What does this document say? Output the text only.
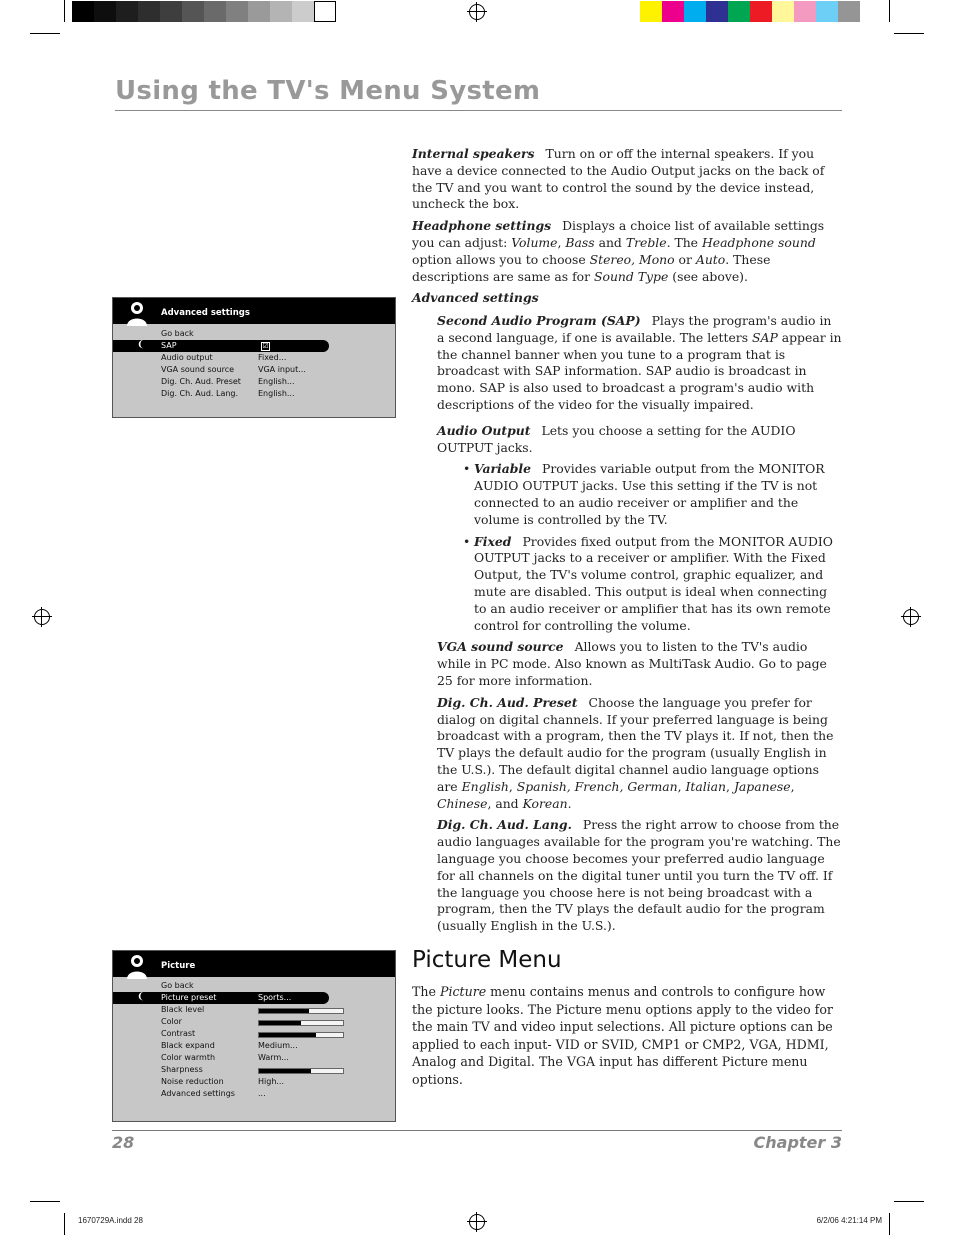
Using the TV's Menu System

Internal speakers Turn on or off the internal speakers. If you have a device connected to the Audio Output jacks on the back of the TV and you want to control the sound by the device instead, uncheck the box.

Headphone settings Displays a choice list of available settings you can adjust: Volume, Bass and Treble. The Headphone sound option allows you to choose Stereo, Mono or Auto. These descriptions are same as for Sound Type (see above).

Advanced settings

Second Audio Program (SAP) Plays the program's audio in a second language, if one is available. The letters SAP appear in the channel banner when you tune to a program that is broadcast with SAP information. SAP audio is broadcast in mono. SAP is also used to broadcast a program's audio with descriptions of the video for the visually impaired.

Audio Output Lets you choose a setting for the AUDIO OUTPUT jacks.

• Variable Provides variable output from the MONITOR AUDIO OUTPUT jacks. Use this setting if the TV is not connected to an audio receiver or amplifier and the volume is controlled by the TV.

• Fixed Provides fixed output from the MONITOR AUDIO OUTPUT jacks to a receiver or amplifier. With the Fixed Output, the TV's volume control, graphic equalizer, and mute are disabled. This output is ideal when connecting to an audio receiver or amplifier that has its own remote control for controlling the volume.

VGA sound source Allows you to listen to the TV's audio while in PC mode. Also known as MultiTask Audio. Go to page 25 for more information.

Dig. Ch. Aud. Preset Choose the language you prefer for dialog on digital channels. If your preferred language is being broadcast with a program, then the TV plays it. If not, then the TV plays the default audio for the program (usually English in the U.S.). The default digital channel audio language options are English, Spanish, French, German, Italian, Japanese, Chinese, and Korean.

Dig. Ch. Aud. Lang. Press the right arrow to choose from the audio languages available for the program you're watching. The language you choose becomes your preferred audio language for all channels on the digital tuner until you turn the TV off. If the language you choose here is not being broadcast with a program, then the TV plays the default audio for the program (usually English in the U.S.).

Advanced settings
Go back
❨ SAP	☑
Audio output	Fixed...
VGA sound source	VGA input...
Dig. Ch. Aud. Preset English...
Dig. Ch. Aud. Lang. English...
Picture Menu
The Picture menu contains menus and controls to configure how the picture looks. The Picture menu options apply to the video for the main TV and video input selections. All picture options can be applied to each input- VID or SVID, CMP1 or CMP2, VGA, HDMI, Analog and Digital. The VGA input has different Picture menu options.
Picture
Go back
❨ Picture preset	Sports...
Black level
Color
Contrast
Black expand	Medium...
Color warmth	Warm...
Sharpness
Noise reduction	High...
Advanced settings	...
28	Chapter 3
1670729A.indd 28	6/2/06 4:21:14 PM
